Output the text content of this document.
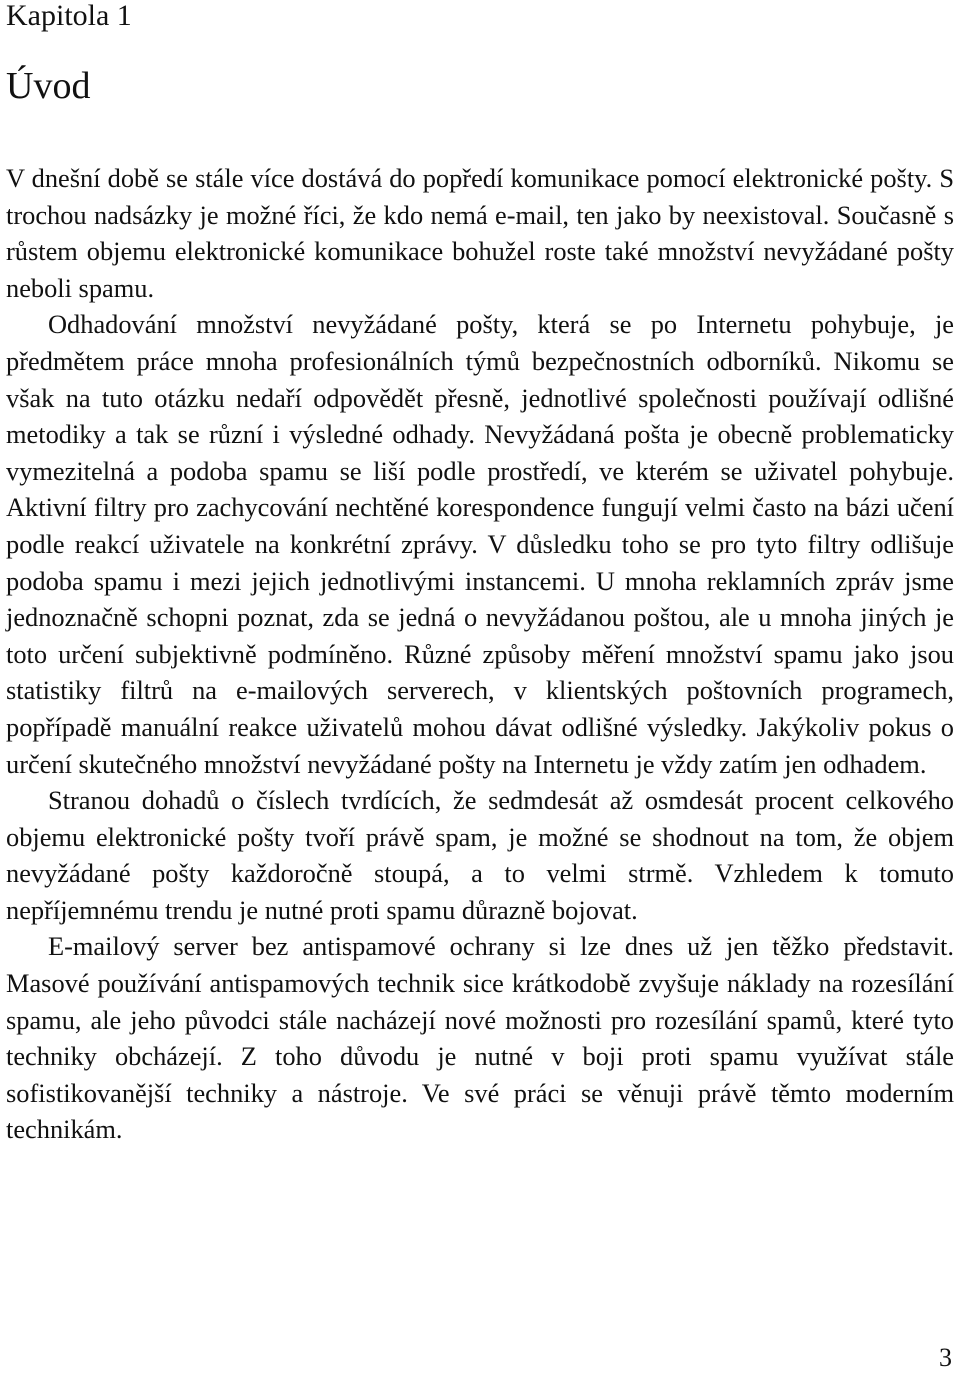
Kapitola 1
Úvod

V dnešní době se stále více dostává do popředí komunikace pomocí elektronické pošty. S trochou nadsázky je možné říci, že kdo nemá e-mail, ten jako by neexistoval. Současně s růstem objemu elektronické komunikace bohužel roste také množství nevyžádané pošty neboli spamu.

Odhadování množství nevyžádané pošty, která se po Internetu pohybuje, je předmětem práce mnoha profesionálních týmů bezpečnostních odborníků. Nikomu se však na tuto otázku nedaří odpovědět přesně, jednotlivé společnosti používají odlišné metodiky a tak se různí i výsledné odhady. Nevyžádaná pošta je obecně problematicky vymezitelná a podoba spamu se liší podle prostředí, ve kterém se uživatel pohybuje. Aktivní filtry pro zachycování nechtěné korespondence fungují velmi často na bázi učení podle reakcí uživatele na konkrétní zprávy. V důsledku toho se pro tyto filtry odlišuje podoba spamu i mezi jejich jednotlivými instancemi. U mnoha reklamních zpráv jsme jednoznačně schopni poznat, zda se jedná o nevyžádanou poštou, ale u mnoha jiných je toto určení subjektivně podmíněno. Různé způsoby měření množství spamu jako jsou statistiky filtrů na e-mailových serverech, v klientských poštovních programech, popřípadě manuální reakce uživatelů mohou dávat odlišné výsledky. Jakýkoliv pokus o určení skutečného množství nevyžádané pošty na Internetu je vždy zatím jen odhadem.

Stranou dohadů o číslech tvrdících, že sedmdesát až osmdesát procent celkového objemu elektronické pošty tvoří právě spam, je možné se shodnout na tom, že objem nevyžádané pošty každoročně stoupá, a to velmi strmě. Vzhledem k tomuto nepříjemnému trendu je nutné proti spamu důrazně bojovat.

E-mailový server bez antispamové ochrany si lze dnes už jen těžko představit. Masové používání antispamových technik sice krátkodobě zvyšuje náklady na rozesílání spamu, ale jeho původci stále nacházejí nové možnosti pro rozesílání spamů, které tyto techniky obcházejí. Z toho důvodu je nutné v boji proti spamu využívat stále sofistikovanější techniky a nástroje. Ve své práci se věnuji právě těmto moderním technikám.

3
